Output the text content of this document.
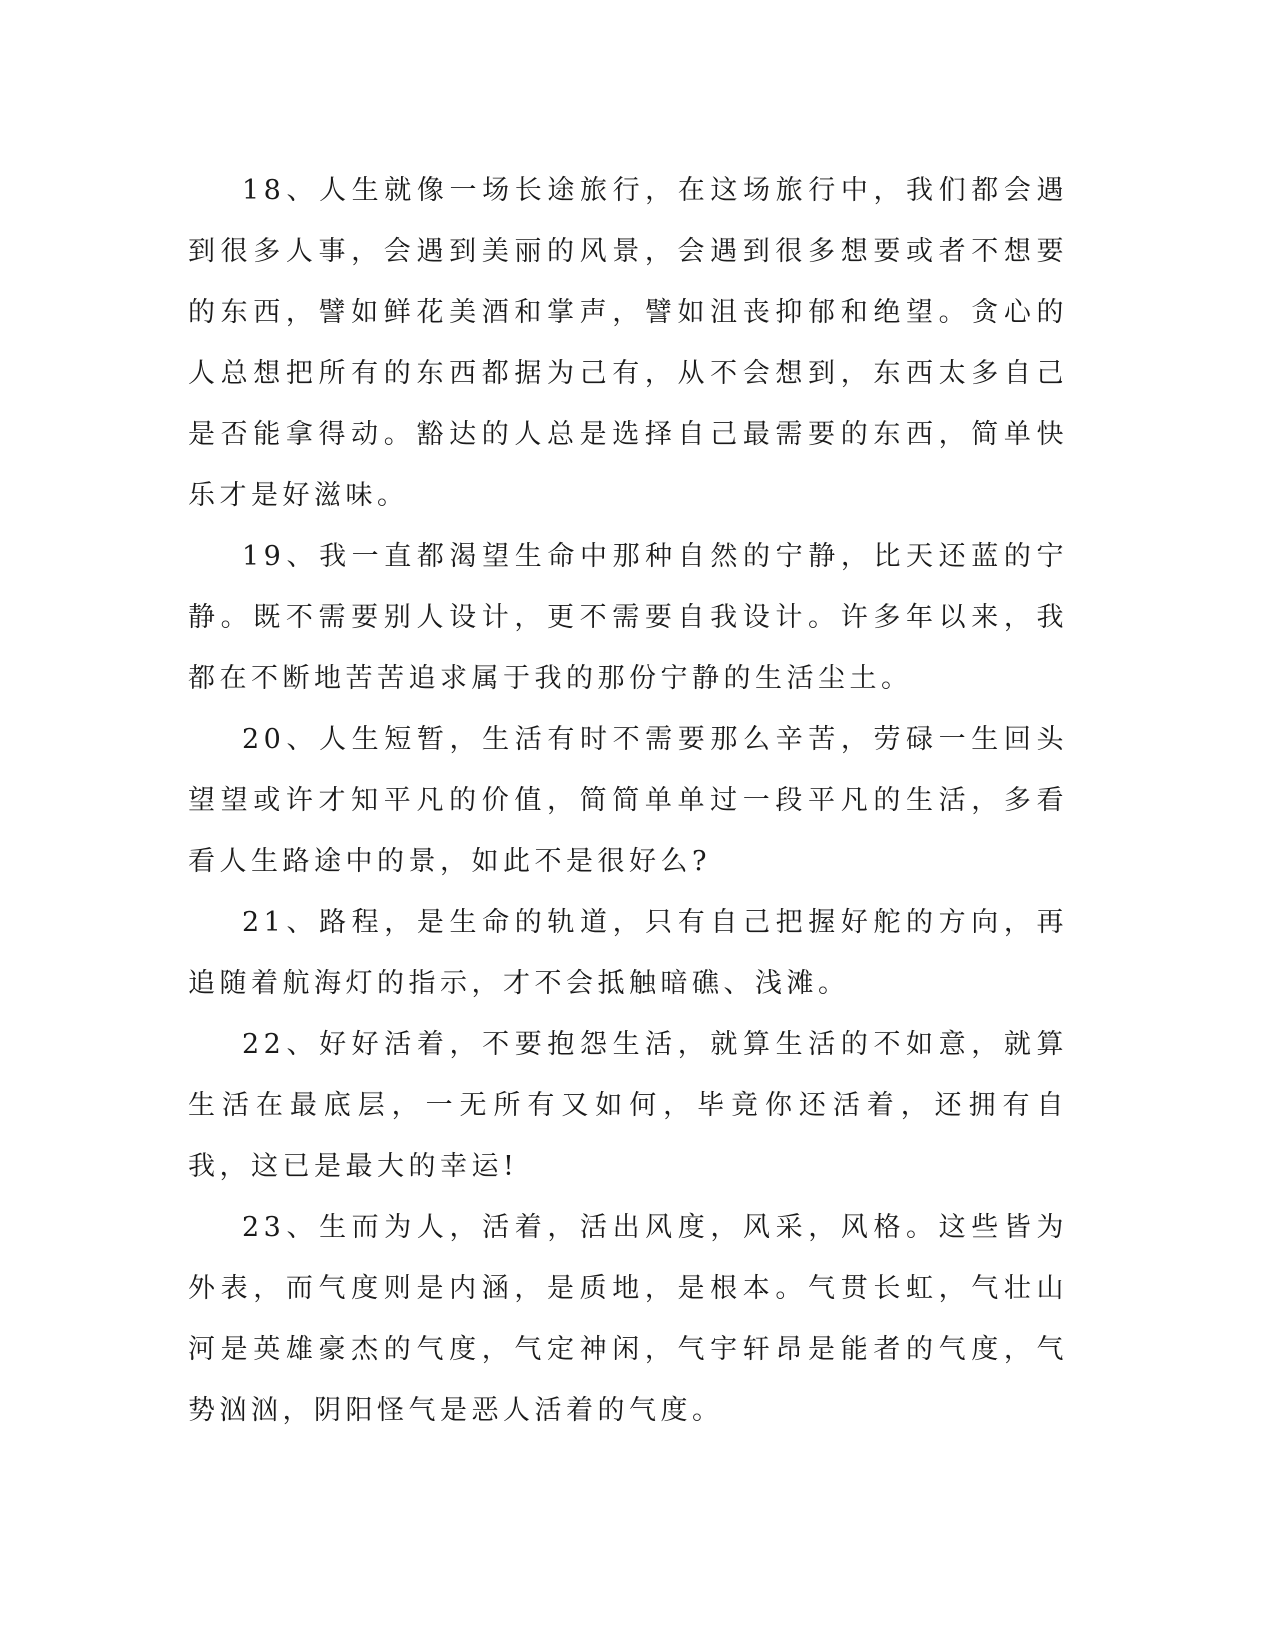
18、人生就像一场长途旅行，在这场旅行中，我们都会遇到很多人事，会遇到美丽的风景，会遇到很多想要或者不想要的东西，譬如鲜花美酒和掌声，譬如沮丧抑郁和绝望。贪心的人总想把所有的东西都据为己有，从不会想到，东西太多自己是否能拿得动。豁达的人总是选择自己最需要的东西，简单快乐才是好滋味。

19、我一直都渴望生命中那种自然的宁静，比天还蓝的宁静。既不需要别人设计，更不需要自我设计。许多年以来，我都在不断地苦苦追求属于我的那份宁静的生活尘土。

20、人生短暂，生活有时不需要那么辛苦，劳碌一生回头望望或许才知平凡的价值，简简单单过一段平凡的生活，多看看人生路途中的景，如此不是很好么?

21、路程，是生命的轨道，只有自己把握好舵的方向，再追随着航海灯的指示，才不会抵触暗礁、浅滩。

22、好好活着，不要抱怨生活，就算生活的不如意，就算生活在最底层，一无所有又如何，毕竟你还活着，还拥有自我，这已是最大的幸运!

23、生而为人，活着，活出风度，风采，风格。这些皆为外表，而气度则是内涵，是质地，是根本。气贯长虹，气壮山河是英雄豪杰的气度，气定神闲，气宇轩昂是能者的气度，气势汹汹，阴阳怪气是恶人活着的气度。
